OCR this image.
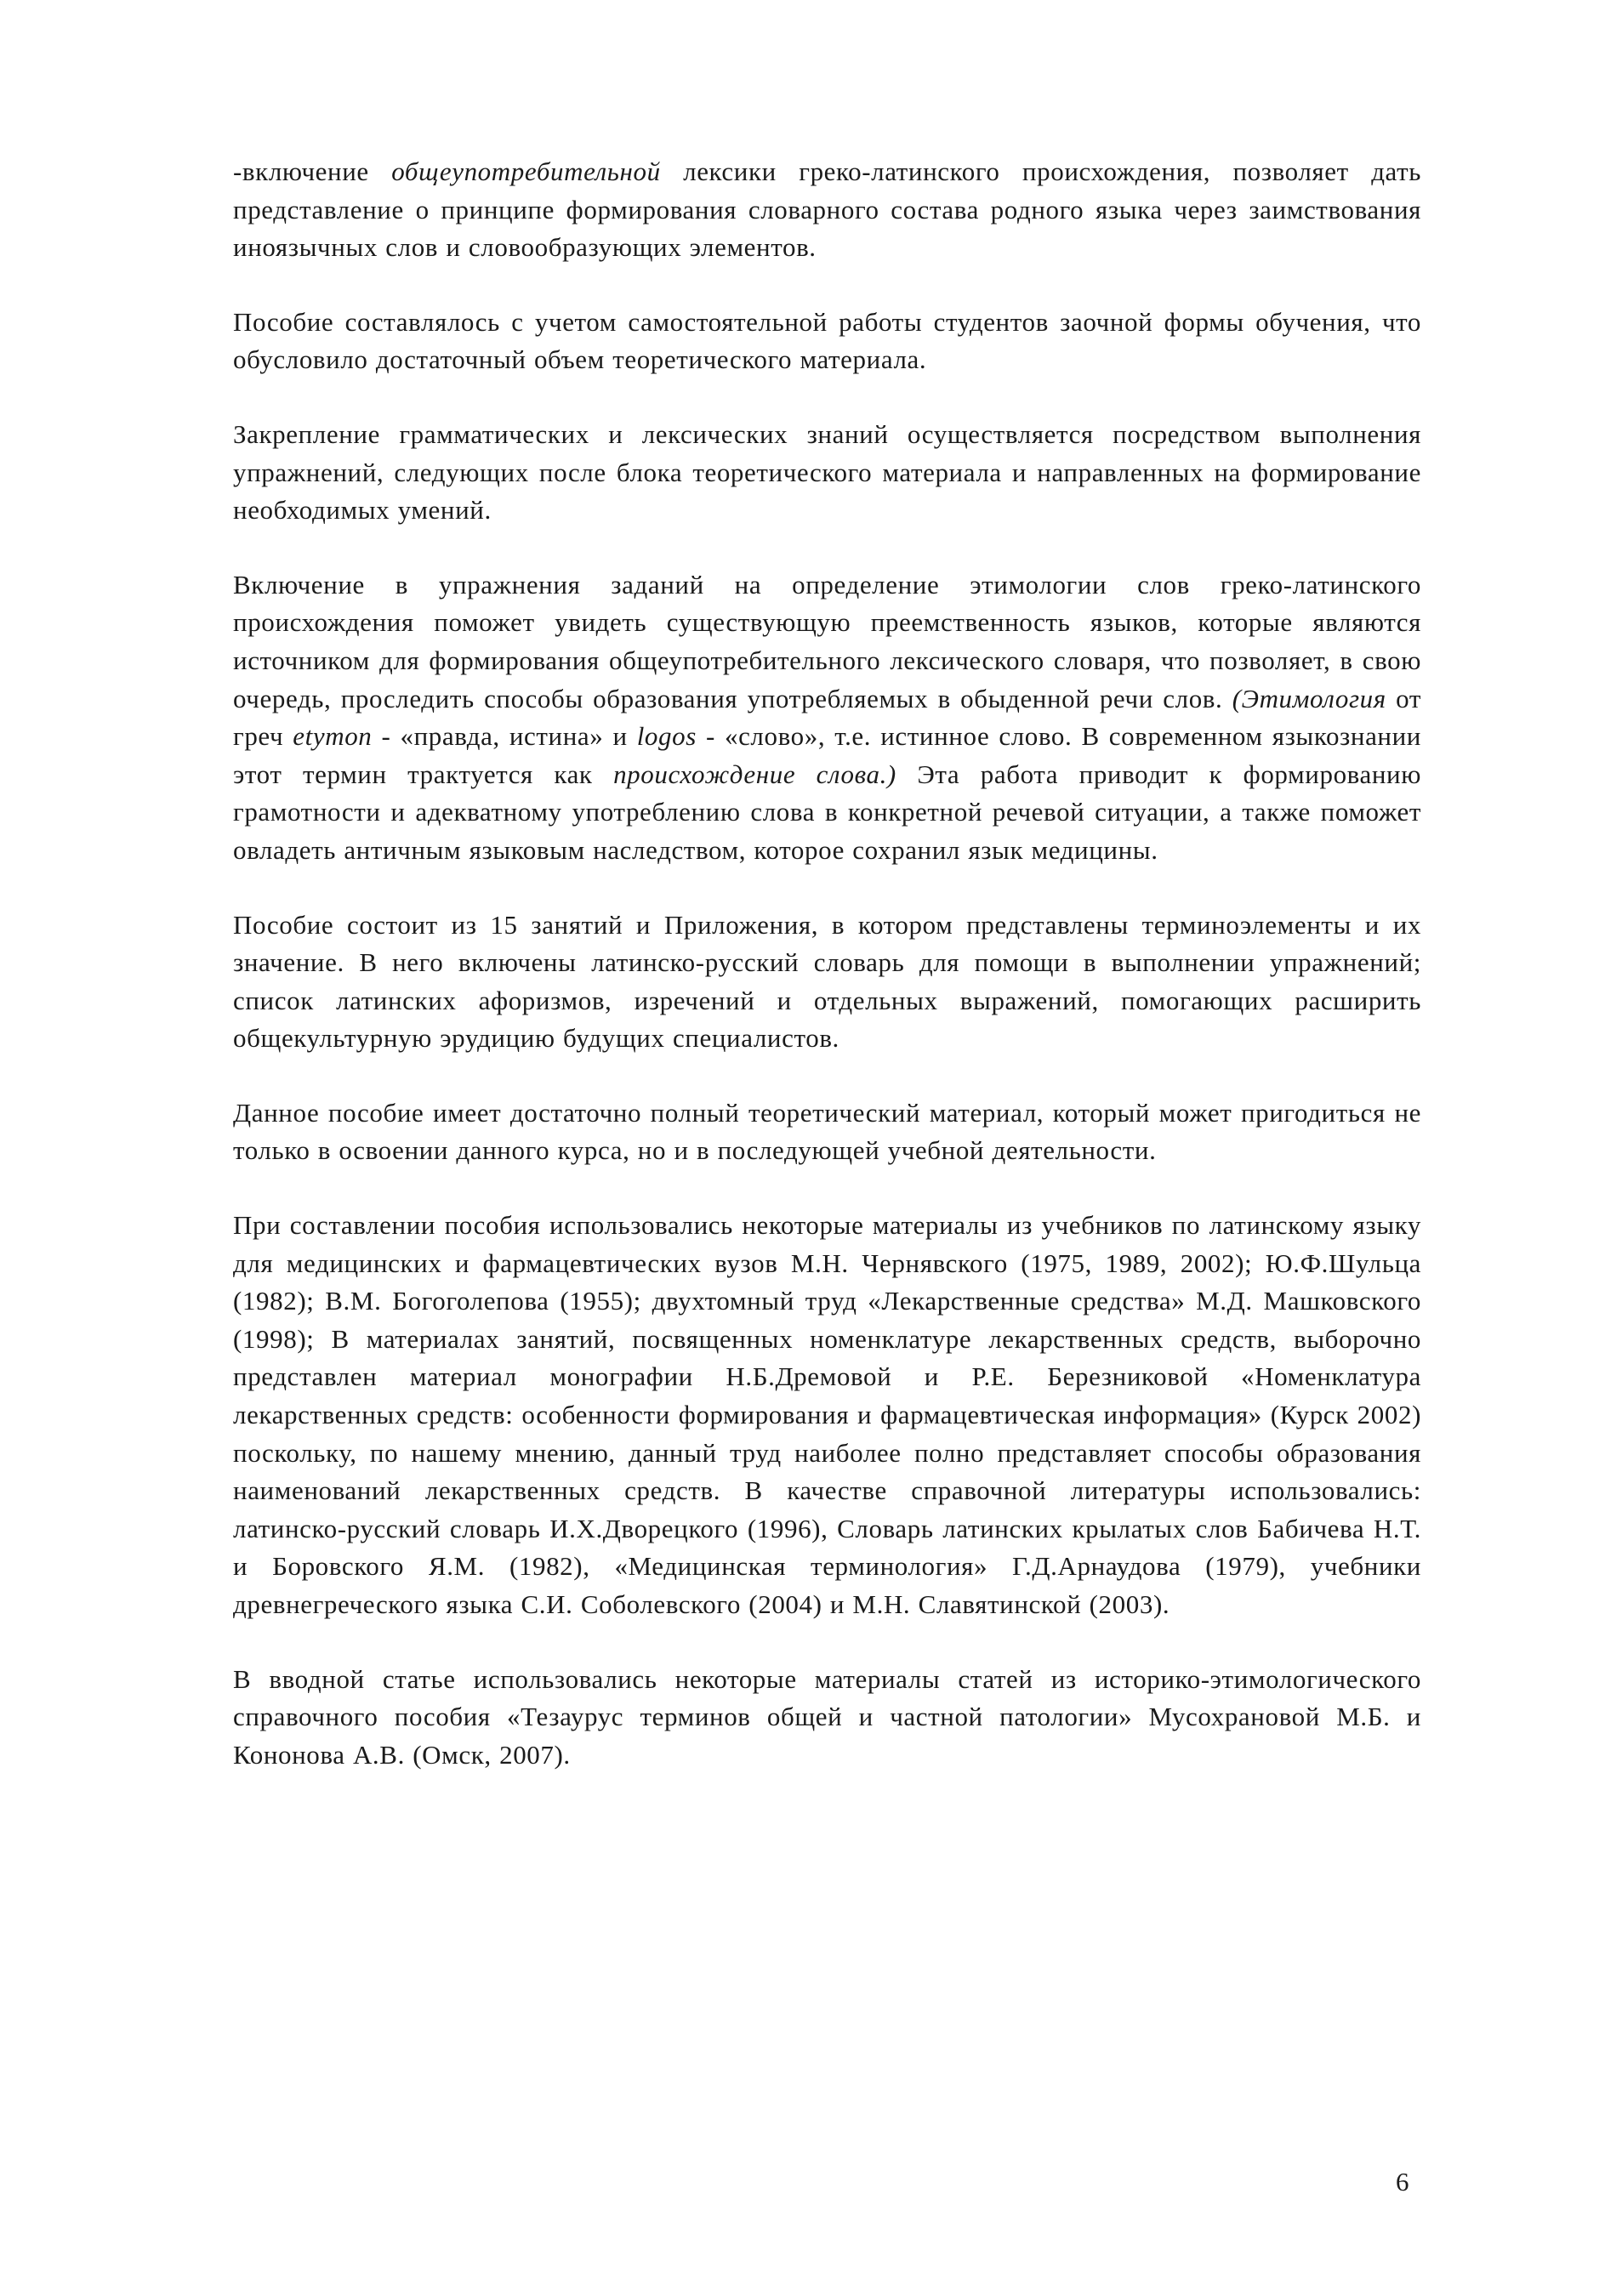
-включение общеупотребительной лексики греко-латинского происхождения, позволяет дать представление о принципе формирования словарного состава родного языка через заимствования иноязычных слов и словообразующих элементов.

Пособие составлялось с учетом самостоятельной работы студентов заочной формы обучения, что обусловило достаточный объем теоретического материала.

Закрепление грамматических и лексических знаний осуществляется посредством выполнения упражнений, следующих после блока теоретического материала и направленных на формирование необходимых умений.

Включение в упражнения заданий на определение этимологии слов греко-латинского происхождения поможет увидеть существующую преемственность языков, которые являются источником для формирования общеупотребительного лексического словаря, что позволяет, в свою очередь, проследить способы образования употребляемых в обыденной речи слов. (Этимология от греч etymon - «правда, истина» и logos - «слово», т.е. истинное слово. В современном языкознании этот термин трактуется как происхождение слова.) Эта работа приводит к формированию грамотности и адекватному употреблению слова в конкретной речевой ситуации, а также поможет овладеть античным языковым наследством, которое сохранил язык медицины.

Пособие состоит из 15 занятий и Приложения, в котором представлены терминоэлементы и их значение. В него включены латинско-русский словарь для помощи в выполнении упражнений; список латинских афоризмов, изречений и отдельных выражений, помогающих расширить общекультурную эрудицию будущих специалистов.

Данное пособие имеет достаточно полный теоретический материал, который может пригодиться не только в освоении данного курса, но и в последующей учебной деятельности.

При составлении пособия использовались некоторые материалы из учебников по латинскому языку для медицинских и фармацевтических вузов М.Н. Чернявского (1975, 1989, 2002); Ю.Ф.Шульца (1982); В.М. Богоголепова (1955); двухтомный труд «Лекарственные средства» М.Д. Машковского (1998); В материалах занятий, посвященных номенклатуре лекарственных средств, выборочно представлен материал монографии Н.Б.Дремовой и Р.Е. Березниковой «Номенклатура лекарственных средств: особенности формирования и фармацевтическая информация» (Курск 2002) поскольку, по нашему мнению, данный труд наиболее полно представляет способы образования наименований лекарственных средств. В качестве справочной литературы использовались: латинско-русский словарь И.Х.Дворецкого (1996), Словарь латинских крылатых слов Бабичева Н.Т. и Боровского Я.М. (1982), «Медицинская терминология» Г.Д.Арнаудова (1979), учебники древнегреческого языка С.И. Соболевского (2004) и М.Н. Славятинской (2003).

В вводной статье использовались некоторые материалы статей из историко-этимологического справочного пособия «Тезаурус терминов общей и частной патологии» Мусохрановой М.Б. и Кононова А.В. (Омск, 2007).

6
